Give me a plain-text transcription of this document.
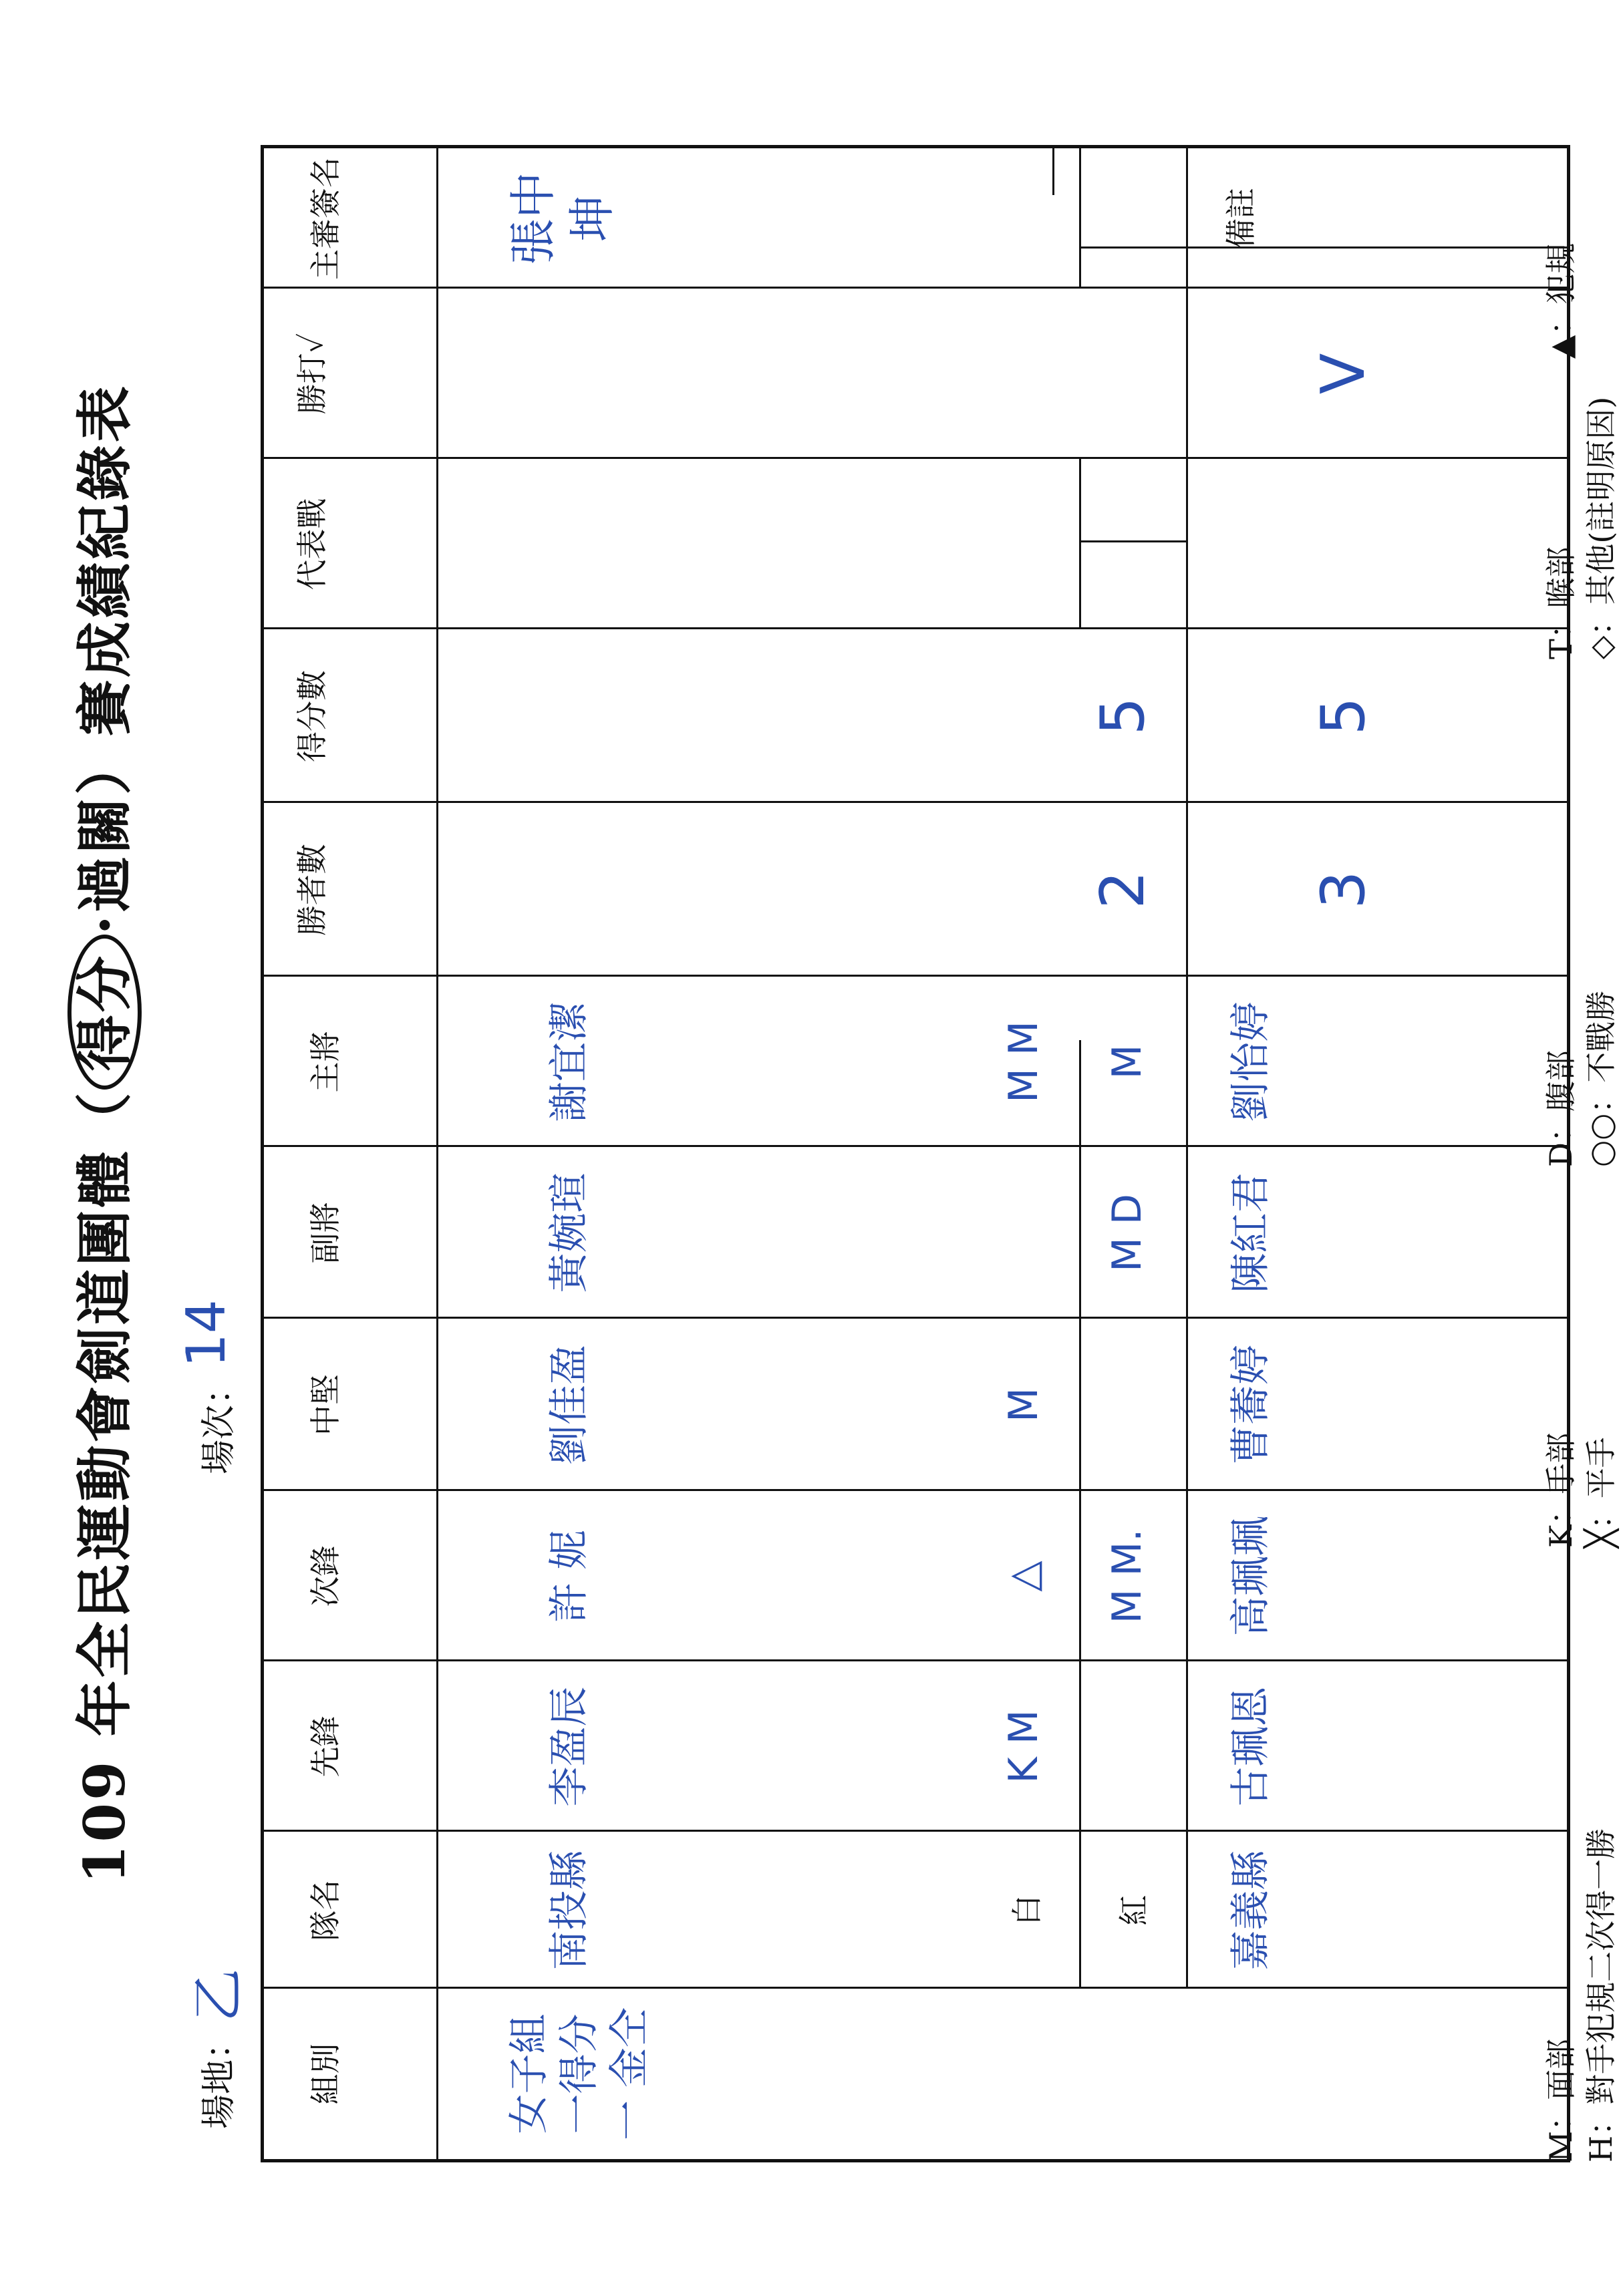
109 年全民運動會劍道團體（得分·過關）賽成績紀錄表
場地：
乙
場次：
14
組別
隊名
先鋒
次鋒
中堅
副將
主將
勝者數
得分數
代表戰
勝打✓
主審簽名
女子組 一得分一 金仝
紅
南投縣
李盈辰
許 妮
劉佳盈
黃婉瑄
謝宜潔
M M.
M D
M
2
5
白	嘉義縣
古珮恩
高珮珮
曹蕎婷
陳紅君
劉怡婷
K M
△
M
M M
3
5
V
張中坤	備註
M：面部 H：對手犯規二次得一勝
K：手部 ╳：平手
D：腹部 ○○：不戰勝
T：喉部 ◇：其他(註明原因)
▲：犯規
